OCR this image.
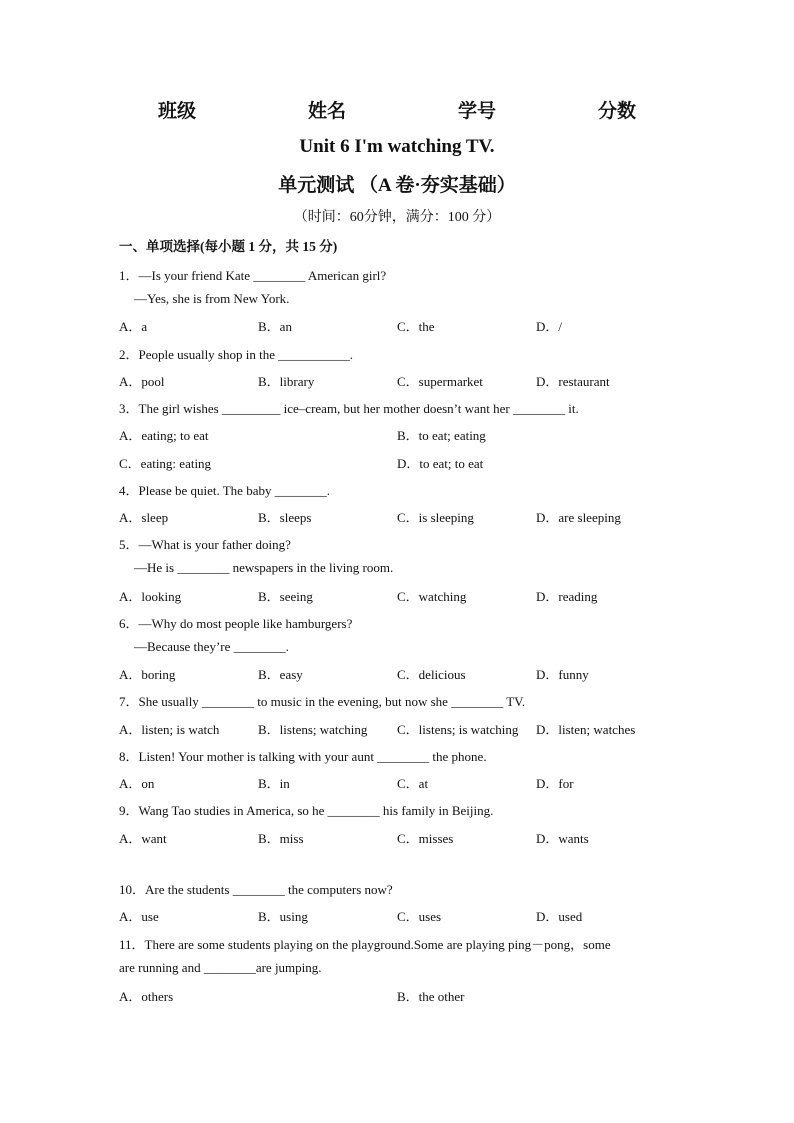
班级	姓名	学号	分数
Unit 6 I'm watching TV.
单元测试 （A 卷·夯实基础）
（时间：60分钟，满分：100 分）
一、单项选择(每小题 1 分，共 15 分)
1．—Is your friend Kate ________ American girl?
—Yes, she is from New York.
A．a	B．an	C．the	D．/
2．People usually shop in the ___________.
A．pool	B．library	C．supermarket	D．restaurant
3．The girl wishes _________ ice–cream, but her mother doesn’t want her ________ it.
A．eating; to eat	B．to eat; eating
C．eating: eating	D．to eat; to eat
4．Please be quiet. The baby ________.
A．sleep	B．sleeps	C．is sleeping	D．are sleeping
5．—What is your father doing?
—He is ________ newspapers in the living room.
A．looking	B．seeing	C．watching	D．reading
6．—Why do most people like hamburgers?
—Because they’re ________.
A．boring	B．easy	C．delicious	D．funny
7．She usually ________ to music in the evening, but now she ________ TV.
A．listen; is watch	B．listens; watching C．listens; is watching D．listen; watches
8．Listen! Your mother is talking with your aunt ________ the phone.
A．on	B．in	C．at	D．for
9．Wang Tao studies in America, so he ________ his family in Beijing.
A．want	B．miss	C．misses	D．wants
10．Are the students ________ the computers now?
A．use	B．using	C．uses	D．used
11．There are some students playing on the playground.Some are playing ping－pong，some
are running and ________are jumping.
A．others	B．the other
